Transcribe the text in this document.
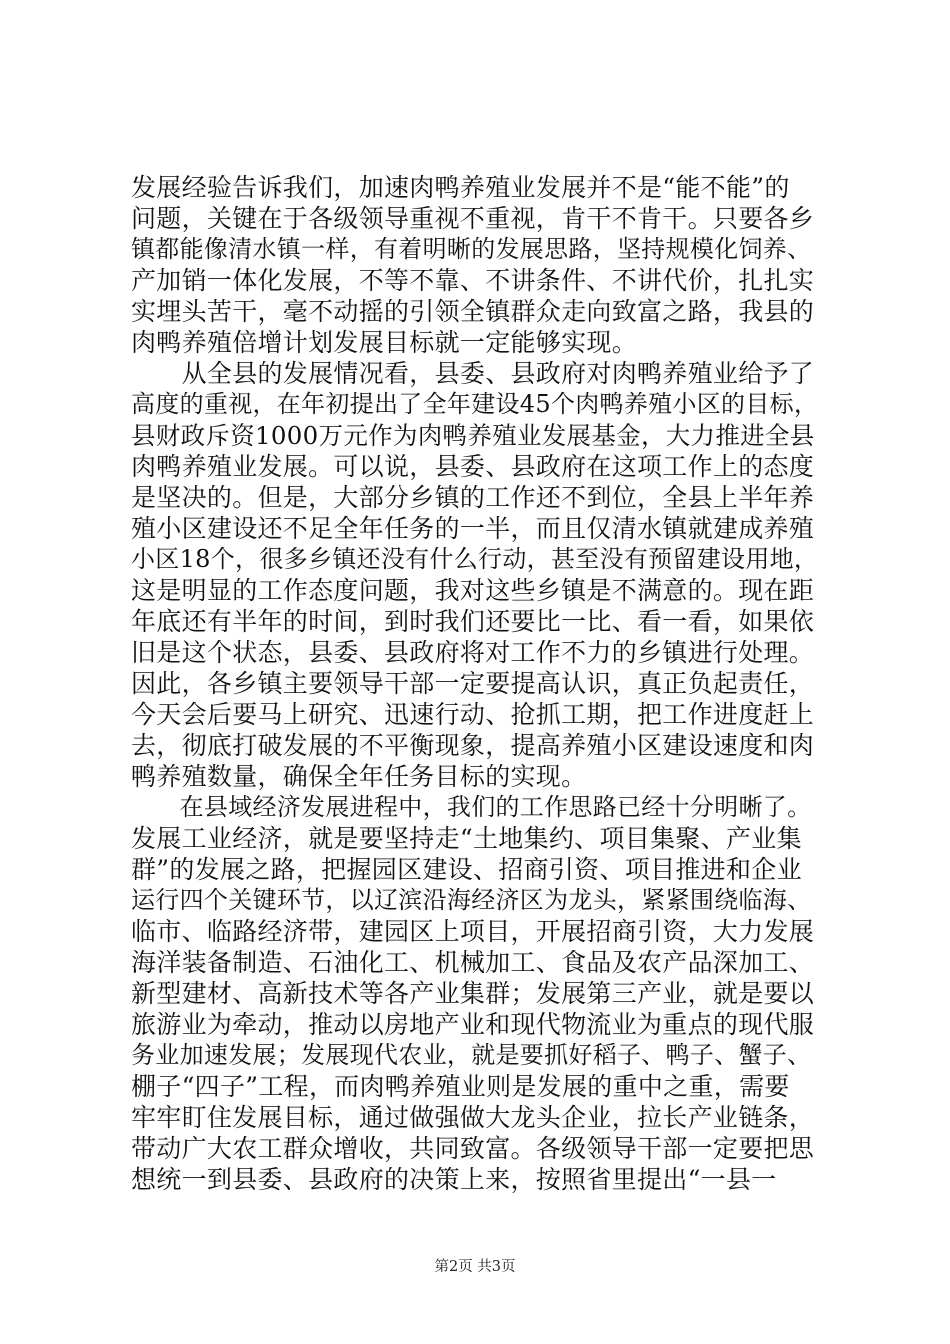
发展经验告诉我们，加速肉鸭养殖业发展并不是“能不能”的
问题，关键在于各级领导重视不重视，肯干不肯干。只要各乡
镇都能像清水镇一样，有着明晰的发展思路，坚持规模化饲养、
产加销一体化发展，不等不靠、不讲条件、不讲代价，扎扎实
实埋头苦干，毫不动摇的引领全镇群众走向致富之路，我县的
肉鸭养殖倍增计划发展目标就一定能够实现。
　　从全县的发展情况看，县委、县政府对肉鸭养殖业给予了
高度的重视，在年初提出了全年建设45个肉鸭养殖小区的目标，
县财政斥资1000万元作为肉鸭养殖业发展基金，大力推进全县
肉鸭养殖业发展。可以说，县委、县政府在这项工作上的态度
是坚决的。但是，大部分乡镇的工作还不到位，全县上半年养
殖小区建设还不足全年任务的一半，而且仅清水镇就建成养殖
小区18个，很多乡镇还没有什么行动，甚至没有预留建设用地，
这是明显的工作态度问题，我对这些乡镇是不满意的。现在距
年底还有半年的时间，到时我们还要比一比、看一看，如果依
旧是这个状态，县委、县政府将对工作不力的乡镇进行处理。
因此，各乡镇主要领导干部一定要提高认识，真正负起责任，
今天会后要马上研究、迅速行动、抢抓工期，把工作进度赶上
去，彻底打破发展的不平衡现象，提高养殖小区建设速度和肉
鸭养殖数量，确保全年任务目标的实现。
　　在县域经济发展进程中，我们的工作思路已经十分明晰了。
发展工业经济，就是要坚持走“土地集约、项目集聚、产业集
群”的发展之路，把握园区建设、招商引资、项目推进和企业
运行四个关键环节，以辽滨沿海经济区为龙头，紧紧围绕临海、
临市、临路经济带，建园区上项目，开展招商引资，大力发展
海洋装备制造、石油化工、机械加工、食品及农产品深加工、
新型建材、高新技术等各产业集群；发展第三产业，就是要以
旅游业为牵动，推动以房地产业和现代物流业为重点的现代服
务业加速发展；发展现代农业，就是要抓好稻子、鸭子、蟹子、
棚子“四子”工程，而肉鸭养殖业则是发展的重中之重，需要
牢牢盯住发展目标，通过做强做大龙头企业，拉长产业链条，
带动广大农工群众增收，共同致富。各级领导干部一定要把思
想统一到县委、县政府的决策上来，按照省里提出“一县一
第2页 共3页
